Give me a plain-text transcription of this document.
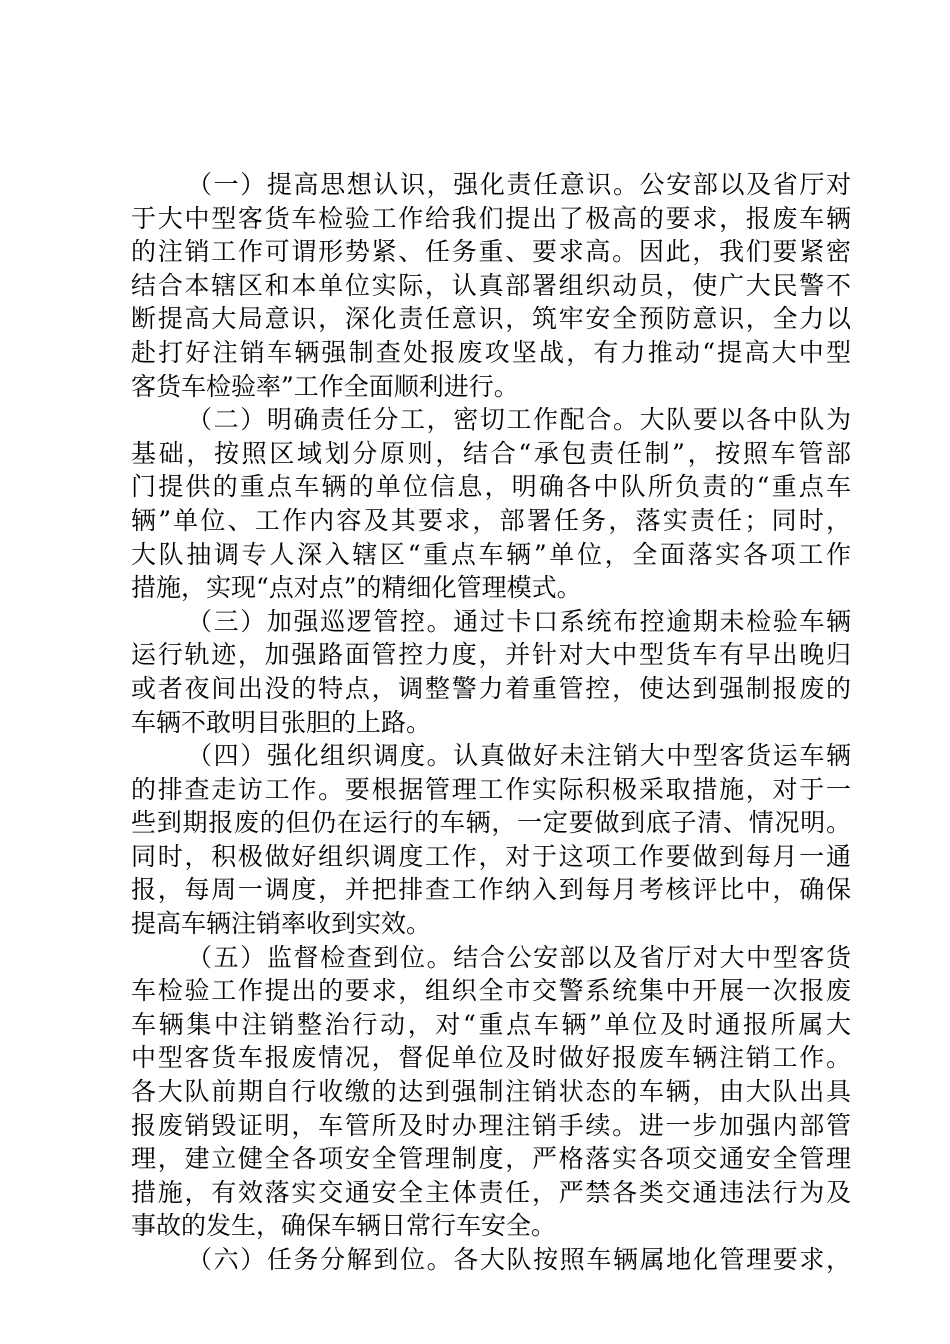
（一）提高思想认识，强化责任意识。公安部以及省厅对
于大中型客货车检验工作给我们提出了极高的要求，报废车辆
的注销工作可谓形势紧、任务重、要求高。因此，我们要紧密
结合本辖区和本单位实际，认真部署组织动员，使广大民警不
断提高大局意识，深化责任意识，筑牢安全预防意识，全力以
赴打好注销车辆强制查处报废攻坚战，有力推动“提高大中型
客货车检验率”工作全面顺利进行。
（二）明确责任分工，密切工作配合。大队要以各中队为
基础，按照区域划分原则，结合“承包责任制”，按照车管部
门提供的重点车辆的单位信息，明确各中队所负责的“重点车
辆”单位、工作内容及其要求，部署任务，落实责任；同时，
大队抽调专人深入辖区“重点车辆”单位，全面落实各项工作
措施，实现“点对点”的精细化管理模式。
（三）加强巡逻管控。通过卡口系统布控逾期未检验车辆
运行轨迹，加强路面管控力度，并针对大中型货车有早出晚归
或者夜间出没的特点，调整警力着重管控，使达到强制报废的
车辆不敢明目张胆的上路。
（四）强化组织调度。认真做好未注销大中型客货运车辆
的排查走访工作。要根据管理工作实际积极采取措施，对于一
些到期报废的但仍在运行的车辆，一定要做到底子清、情况明。
同时，积极做好组织调度工作，对于这项工作要做到每月一通
报，每周一调度，并把排查工作纳入到每月考核评比中，确保
提高车辆注销率收到实效。
（五）监督检查到位。结合公安部以及省厅对大中型客货
车检验工作提出的要求，组织全市交警系统集中开展一次报废
车辆集中注销整治行动，对“重点车辆”单位及时通报所属大
中型客货车报废情况，督促单位及时做好报废车辆注销工作。
各大队前期自行收缴的达到强制注销状态的车辆，由大队出具
报废销毁证明，车管所及时办理注销手续。进一步加强内部管
理，建立健全各项安全管理制度，严格落实各项交通安全管理
措施，有效落实交通安全主体责任，严禁各类交通违法行为及
事故的发生，确保车辆日常行车安全。
（六）任务分解到位。各大队按照车辆属地化管理要求，
